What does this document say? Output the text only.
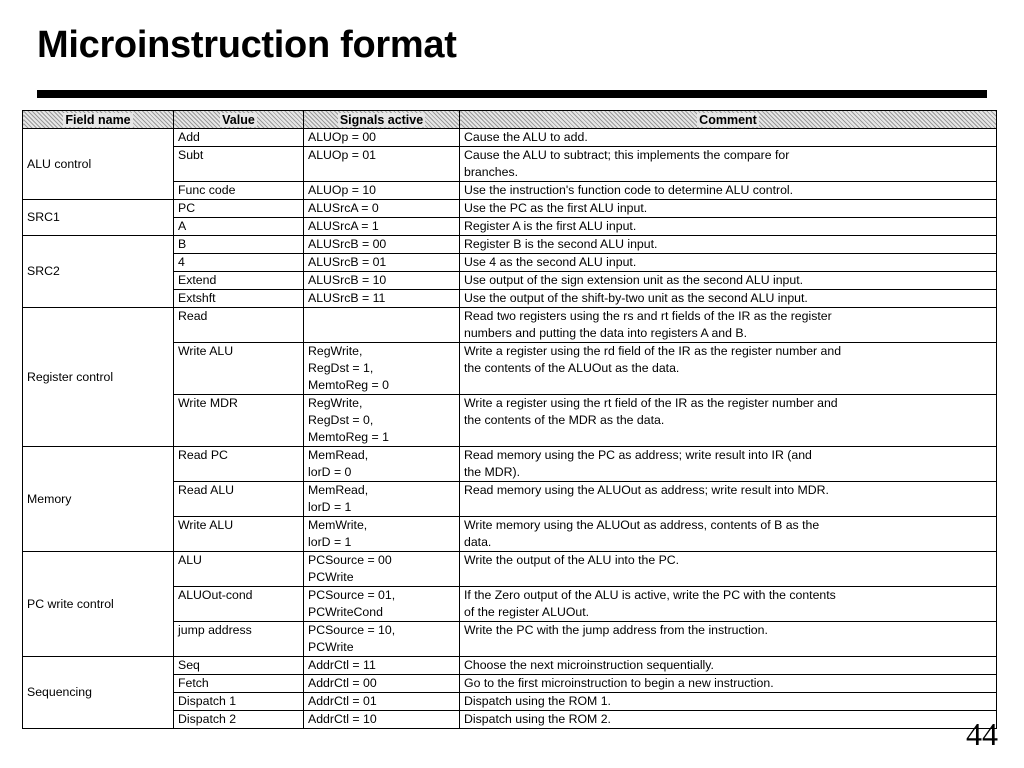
Microinstruction format
Field name	Value	Signals active	Comment
ALU control	Add	ALUOp = 00	Cause the ALU to add.
	Subt	ALUOp = 01	Cause the ALU to subtract; this implements the compare for
branches.
	Func code	ALUOp = 10	Use the instruction's function code to determine ALU control.
SRC1	PC	ALUSrcA = 0	Use the PC as the first ALU input.
	A	ALUSrcA = 1	Register A is the first ALU input.
SRC2	B	ALUSrcB = 00	Register B is the second ALU input.
	4	ALUSrcB = 01	Use 4 as the second ALU input.
	Extend	ALUSrcB = 10	Use output of the sign extension unit as the second ALU input.
	Extshft	ALUSrcB = 11	Use the output of the shift-by-two unit as the second ALU input.
Register control	Read		Read two registers using the rs and rt fields of the IR as the register
numbers and putting the data into registers A and B.
	Write ALU	RegWrite,
RegDst = 1,
MemtoReg = 0	Write a register using the rd field of the IR as the register number and
the contents of the ALUOut as the data.
	Write MDR	RegWrite,
RegDst = 0,
MemtoReg = 1	Write a register using the rt field of the IR as the register number and
the contents of the MDR as the data.
Memory	Read PC	MemRead,
lorD = 0	Read memory using the PC as address; write result into IR (and
the MDR).
	Read ALU	MemRead,
lorD = 1	Read memory using the ALUOut as address; write result into MDR.
	Write ALU	MemWrite,
lorD = 1	Write memory using the ALUOut as address, contents of B as the
data.
PC write control	ALU	PCSource = 00
PCWrite	Write the output of the ALU into the PC.
	ALUOut-cond	PCSource = 01,
PCWriteCond	If the Zero output of the ALU is active, write the PC with the contents
of the register ALUOut.
	jump address	PCSource = 10,
PCWrite	Write the PC with the jump address from the instruction.
Sequencing	Seq	AddrCtl = 11	Choose the next microinstruction sequentially.
	Fetch	AddrCtl = 00	Go to the first microinstruction to begin a new instruction.
	Dispatch 1	AddrCtl = 01	Dispatch using the ROM 1.
	Dispatch 2	AddrCtl = 10	Dispatch using the ROM 2.	44
